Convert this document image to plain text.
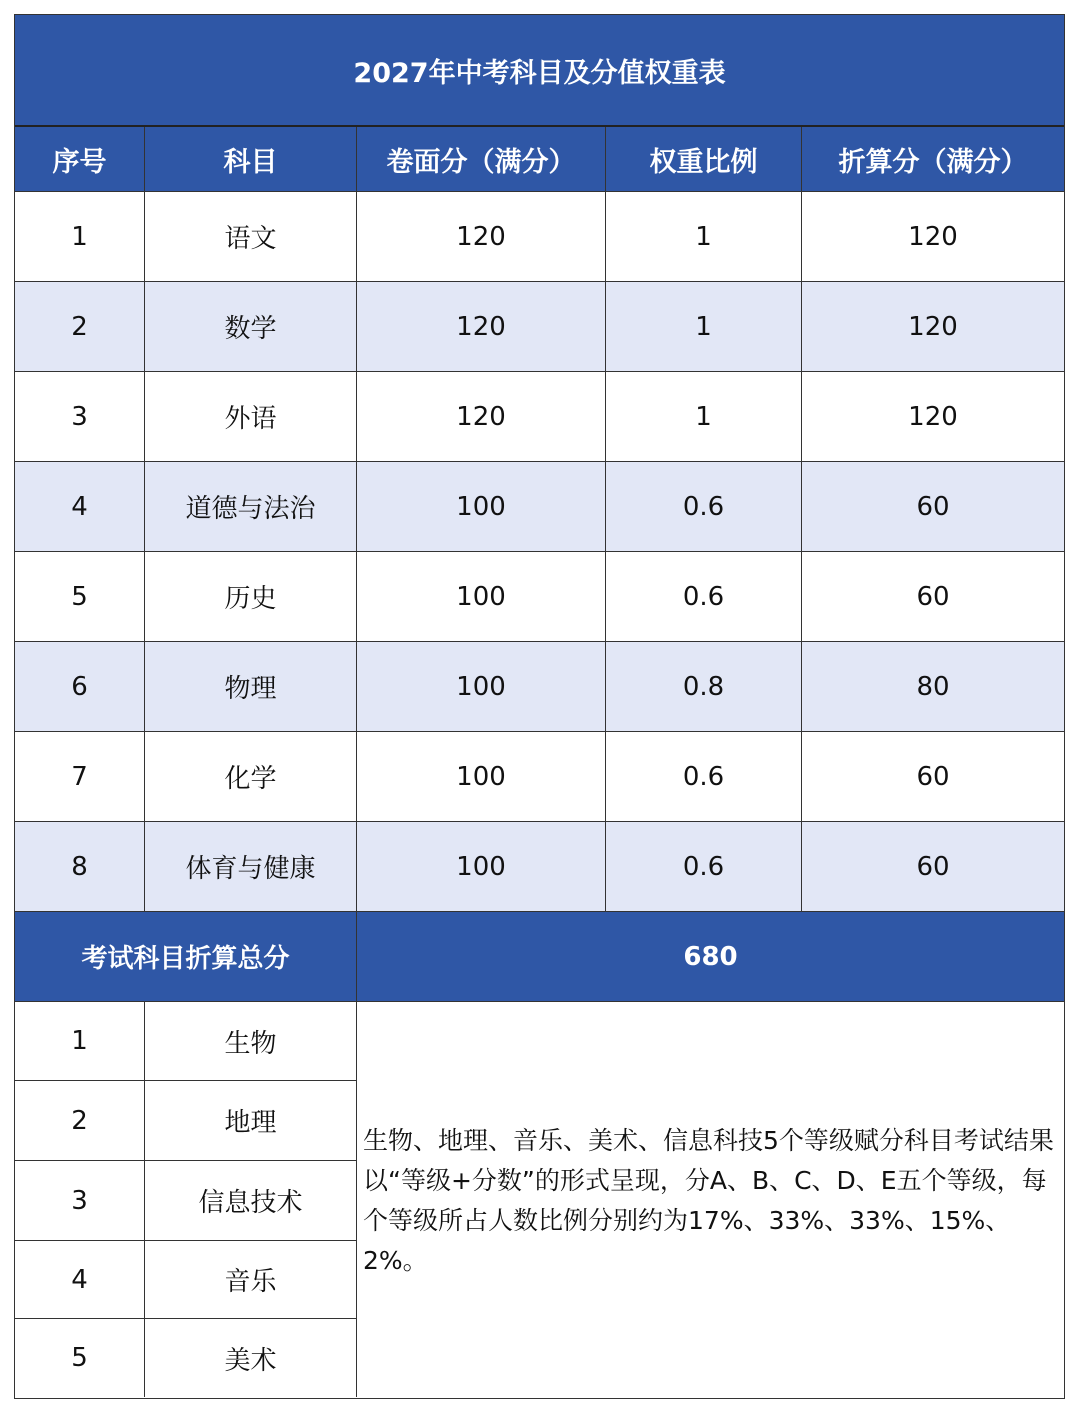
2027年中考科目及分值权重表
序号	科目	卷面分（满分）	权重比例	折算分（满分）
1	语文	120	1	120
2	数学	120	1	120
3	外语	120	1	120
4	道德与法治	100	0.6	60
5	历史	100	0.6	60
6	物理	100	0.8	80
7	化学	100	0.6	60
8	体育与健康	100	0.6	60
考试科目折算总分	680
1	生物
2	地理
3	信息技术
4	音乐
5	美术
生物、地理、音乐、美术、信息科技5个等级赋分科目考试结果以“等级+分数”的形式呈现，分A、B、C、D、E五个等级，每个等级所占人数比例分别约为17%、33%、33%、15%、2%。
